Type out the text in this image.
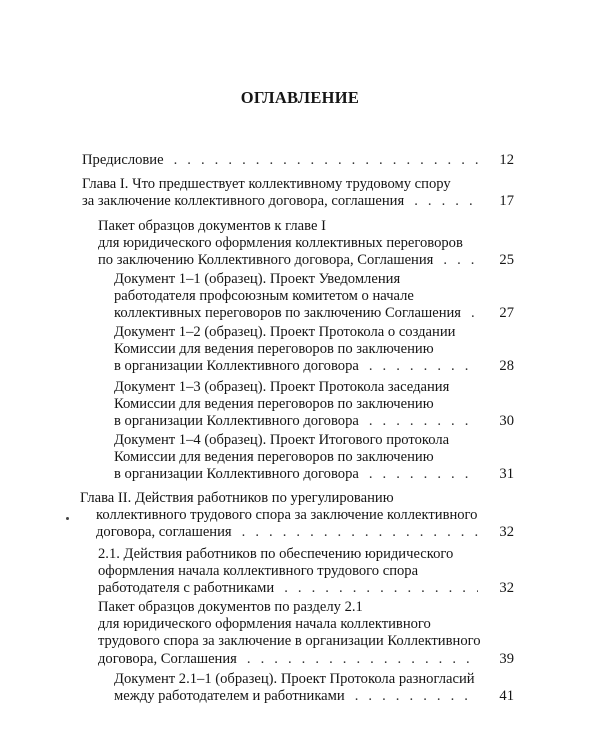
ОГЛАВЛЕНИЕ
Предисловие . . .	12
Глава I. Что предшествует коллективному трудовому спору
за заключение коллективного договора, соглашения . . .	17
Пакет образцов документов к главе I
для юридического оформления коллективных переговоров
по заключению Коллективного договора, Соглашения . . .	25
Документ 1–1 (образец). Проект Уведомления
работодателя профсоюзным комитетом о начале
коллективных переговоров по заключению Соглашения . . .	27
Документ 1–2 (образец). Проект Протокола о создании
Комиссии для ведения переговоров по заключению
в организации Коллективного договора . . .	28
Документ 1–3 (образец). Проект Протокола заседания
Комиссии для ведения переговоров по заключению
в организации Коллективного договора . . .	30
Документ 1–4 (образец). Проект Итогового протокола
Комиссии для ведения переговоров по заключению
в организации Коллективного договора . . .	31
Глава II. Действия работников по урегулированию
коллективного трудового спора за заключение коллективного
договора, соглашения . . .	32
2.1. Действия работников по обеспечению юридического
оформления начала коллективного трудового спора
работодателя с работниками . . .	32
Пакет образцов документов по разделу 2.1
для юридического оформления начала коллективного
трудового спора за заключение в организации Коллективного
договора, Соглашения . . .	39
Документ 2.1–1 (образец). Проект Протокола разногласий
между работодателем и работниками . . .	41
